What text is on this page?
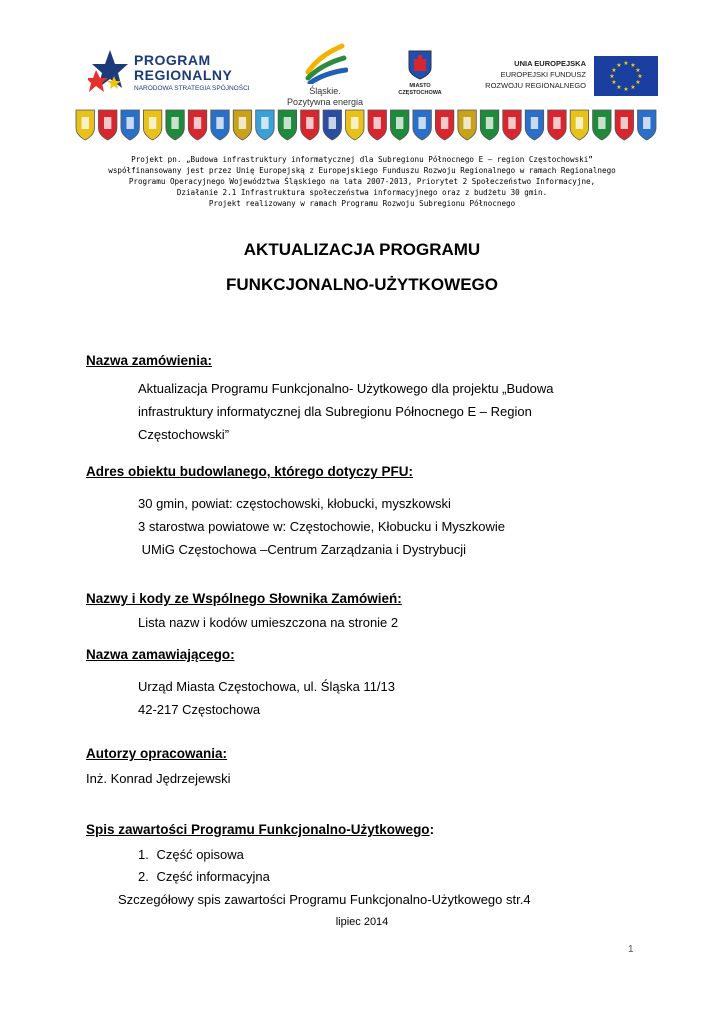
PROGRAM
REGIONALNY
NARODOWA STRATEGIA SPÓJNOŚCI	Śląskie.
Pozytywna energia
MIASTO
CZĘSTOCHOWA
UNIA EUROPEJSKA
EUROPEJSKI FUNDUSZ
ROZWOJU REGIONALNEGO
★ ★
★
★
★
★
★
★
★
★
★
★
Projekt pn. „Budowa infrastruktury informatycznej dla Subregionu Północnego E – region Częstochowski”
współfinansowany jest przez Unię Europejską z Europejskiego Funduszu Rozwoju Regionalnego w ramach Regionalnego
Programu Operacyjnego Województwa Śląskiego na lata 2007-2013, Priorytet 2 Społeczeństwo Informacyjne,
Działanie 2.1 Infrastruktura społeczeństwa informacyjnego oraz z budżetu 30 gmin.
Projekt realizowany w ramach Programu Rozwoju Subregionu Północnego
AKTUALIZACJA PROGRAMU
FUNKCJONALNO-UŻYTKOWEGO
Nazwa zamówienia:
Aktualizacja Programu Funkcjonalno- Użytkowego dla projektu „Budowa
infrastruktury informatycznej dla Subregionu Północnego E – Region
Częstochowski”
Adres obiektu budowlanego, którego dotyczy PFU:
30 gmin, powiat: częstochowski, kłobucki, myszkowski
3 starostwa powiatowe w: Częstochowie, Kłobucku i Myszkowie
UMiG Częstochowa –Centrum Zarządzania i Dystrybucji
Nazwy i kody ze Wspólnego Słownika Zamówień:
Lista nazw i kodów umieszczona na stronie 2
Nazwa zamawiającego:
Urząd Miasta Częstochowa, ul. Śląska 11/13
42-217 Częstochowa
Autorzy opracowania:
Inż. Konrad Jędrzejewski
Spis zawartości Programu Funkcjonalno-Użytkowego:
1. Część opisowa
2. Część informacyjna
Szczegółowy spis zawartości Programu Funkcjonalno-Użytkowego str.4
lipiec 2014
1
